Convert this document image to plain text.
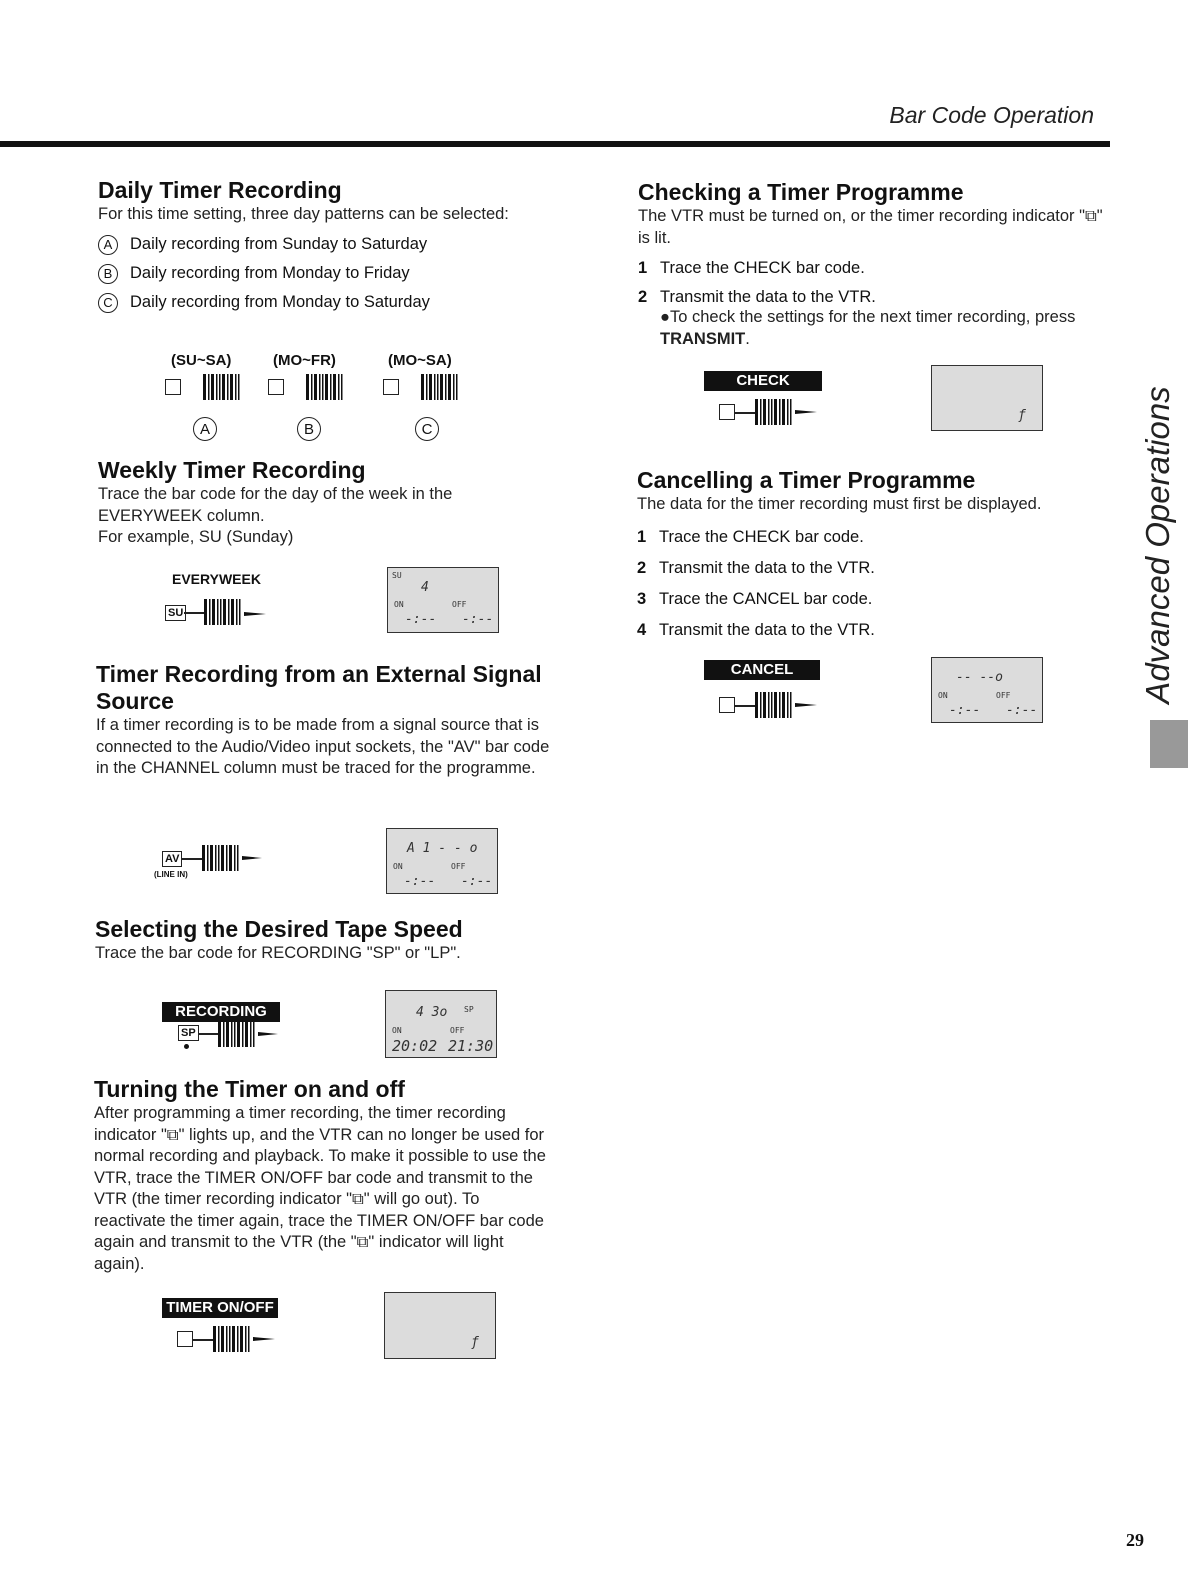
Bar Code Operation
Advanced Operations
Daily Timer Recording

For this time setting, three day patterns can be selected:

A	Daily recording from Sunday to Saturday
B	Daily recording from Monday to Friday
C	Daily recording from Monday to Saturday
(SU~SA)	(MO~FR)	(MO~SA)
A	B	C
Weekly Timer Recording

Trace the bar code for the day of the week in the EVERYWEEK column.

For example, SU (Sunday)

EVERYWEEK
SU
SU
4
ON	OFF
-:-- -:--
Timer Recording from an External Signal
Source

If a timer recording is to be made from a signal source that is connected to the Audio/Video input sockets, the "AV" bar code in the CHANNEL column must be traced for the programme.

AV
(LINE IN)
A 1 - - o
ON	OFF
-:-- -:--
Selecting the Desired Tape Speed

Trace the bar code for RECORDING "SP" or "LP".

RECORDING
SP
4 3o SP
ON	OFF
20:02 21:30
Turning the Timer on and off

After programming a timer recording, the timer recording indicator "⧉" lights up, and the VTR can no longer be used for normal recording and playback. To make it possible to use the VTR, trace the TIMER ON/OFF bar code and transmit to the VTR (the timer recording indicator "⧉" will go out). To reactivate the timer again, trace the TIMER ON/OFF bar code again and transmit to the VTR (the "⧉" indicator will light again).

TIMER ON/OFF
ƒ
Checking a Timer Programme

The VTR must be turned on, or the timer recording indicator "⧉" is lit.

1 Trace the CHECK bar code.
2 Transmit the data to the VTR.

●To check the settings for the next timer recording, press
TRANSMIT.

CHECK
ƒ
Cancelling a Timer Programme

The data for the timer recording must first be displayed.

1 Trace the CHECK bar code.
2 Transmit the data to the VTR.
3 Trace the CANCEL bar code.
4 Transmit the data to the VTR.
CANCEL	-- --o
ON	OFF
-:-- -:--
29
